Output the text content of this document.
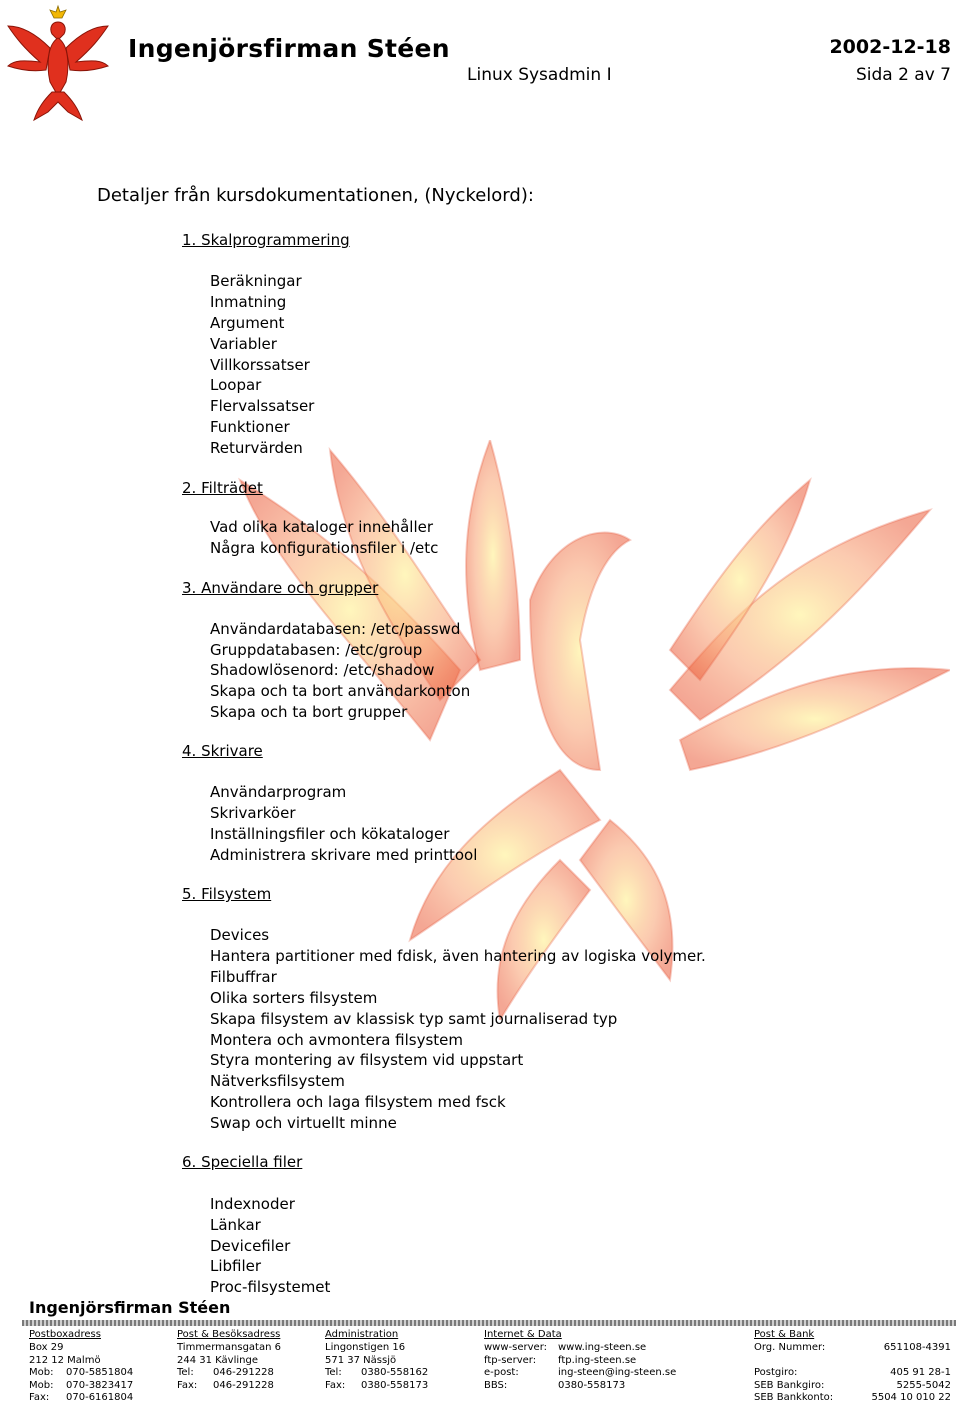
Ingenjörsfirman Stéen	2002-12-18
Linux Sysadmin I	Sida 2 av 7
Detaljer från kursdokumentationen, (Nyckelord):
1. Skalprogrammering
Beräkningar
Inmatning
Argument
Variabler
Villkorssatser
Loopar
Flervalssatser
Funktioner
Returvärden
2. Filträdet
Vad olika kataloger innehåller
Några konfigurationsfiler i /etc
3. Användare och grupper
Användardatabasen: /etc/passwd
Gruppdatabasen: /etc/group
Shadowlösenord: /etc/shadow
Skapa och ta bort användarkonton
Skapa och ta bort grupper
4. Skrivare
Användarprogram
Skrivarköer
Inställningsfiler och kökataloger
Administrera skrivare med printtool
5. Filsystem
Devices
Hantera partitioner med fdisk, även hantering av logiska volymer.
Filbuffrar
Olika sorters filsystem
Skapa filsystem av klassisk typ samt journaliserad typ
Montera och avmontera filsystem
Styra montering av filsystem vid uppstart
Nätverksfilsystem
Kontrollera och laga filsystem med fsck
Swap och virtuellt minne
6. Speciella filer
Indexnoder
Länkar
Devicefiler
Libfiler
Proc-filsystemet
Ingenjörsfirman Stéen
Postboxadress
Box 29
212 12 Malmö
Mob: 070-5851804
Mob: 070-3823417
Fax: 070-6161804
Post & Besöksadress
Timmermansgatan 6
244 31 Kävlinge
Tel: 046-291228
Fax: 046-291228
Administration
Lingonstigen 16
571 37 Nässjö
Tel: 0380-558162
Fax: 0380-558173
Internet & Data
www-server: www.ing-steen.se
ftp-server: ftp.ing-steen.se
e-post:	ing-steen@ing-steen.se
BBS:	0380-558173
Post & Bank
Org. Nummer:	651108-4391
Postgiro:	405 91 28-1
SEB Bankgiro:	5255-5042
SEB Bankkonto:	5504 10 010 22
